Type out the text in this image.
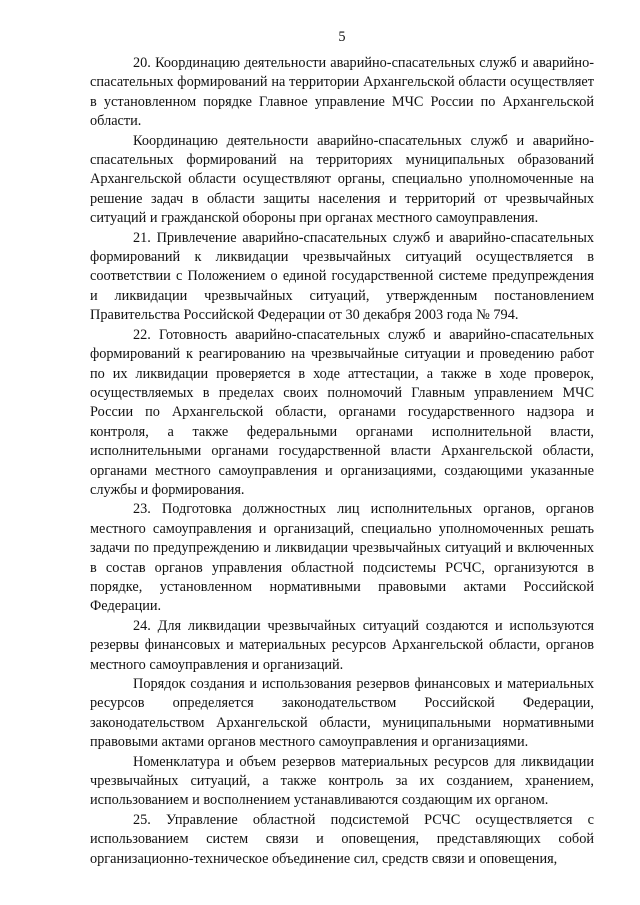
5

20. Координацию деятельности аварийно-спасательных служб и аварийно-спасательных формирований на территории Архангельской области осуществляет в установленном порядке Главное управление МЧС России по Архангельской области.

Координацию деятельности аварийно-спасательных служб и аварийно-спасательных формирований на территориях муниципальных образований Архангельской области осуществляют органы, специально уполномоченные на решение задач в области защиты населения и территорий от чрезвычайных ситуаций и гражданской обороны при органах местного самоуправления.

21. Привлечение аварийно-спасательных служб и аварийно-спасательных формирований к ликвидации чрезвычайных ситуаций осуществляется в соответствии с Положением о единой государственной системе предупреждения и ликвидации чрезвычайных ситуаций, утвержденным постановлением Правительства Российской Федерации от 30 декабря 2003 года № 794.

22. Готовность аварийно-спасательных служб и аварийно-спасательных формирований к реагированию на чрезвычайные ситуации и проведению работ по их ликвидации проверяется в ходе аттестации, а также в ходе проверок, осуществляемых в пределах своих полномочий Главным управлением МЧС России по Архангельской области, органами государственного надзора и контроля, а также федеральными органами исполнительной власти, исполнительными органами государственной власти Архангельской области, органами местного самоуправления и организациями, создающими указанные службы и формирования.

23. Подготовка должностных лиц исполнительных органов, органов местного самоуправления и организаций, специально уполномоченных решать задачи по предупреждению и ликвидации чрезвычайных ситуаций и включенных в состав органов управления областной подсистемы РСЧС, организуются в порядке, установленном нормативными правовыми актами Российской Федерации.

24. Для ликвидации чрезвычайных ситуаций создаются и используются резервы финансовых и материальных ресурсов Архангельской области, органов местного самоуправления и организаций.

Порядок создания и использования резервов финансовых и материальных ресурсов определяется законодательством Российской Федерации, законодательством Архангельской области, муниципальными нормативными правовыми актами органов местного самоуправления и организациями.

Номенклатура и объем резервов материальных ресурсов для ликвидации чрезвычайных ситуаций, а также контроль за их созданием, хранением, использованием и восполнением устанавливаются создающим их органом.

25. Управление областной подсистемой РСЧС осуществляется с использованием систем связи и оповещения, представляющих собой организационно-техническое объединение сил, средств связи и оповещения,
